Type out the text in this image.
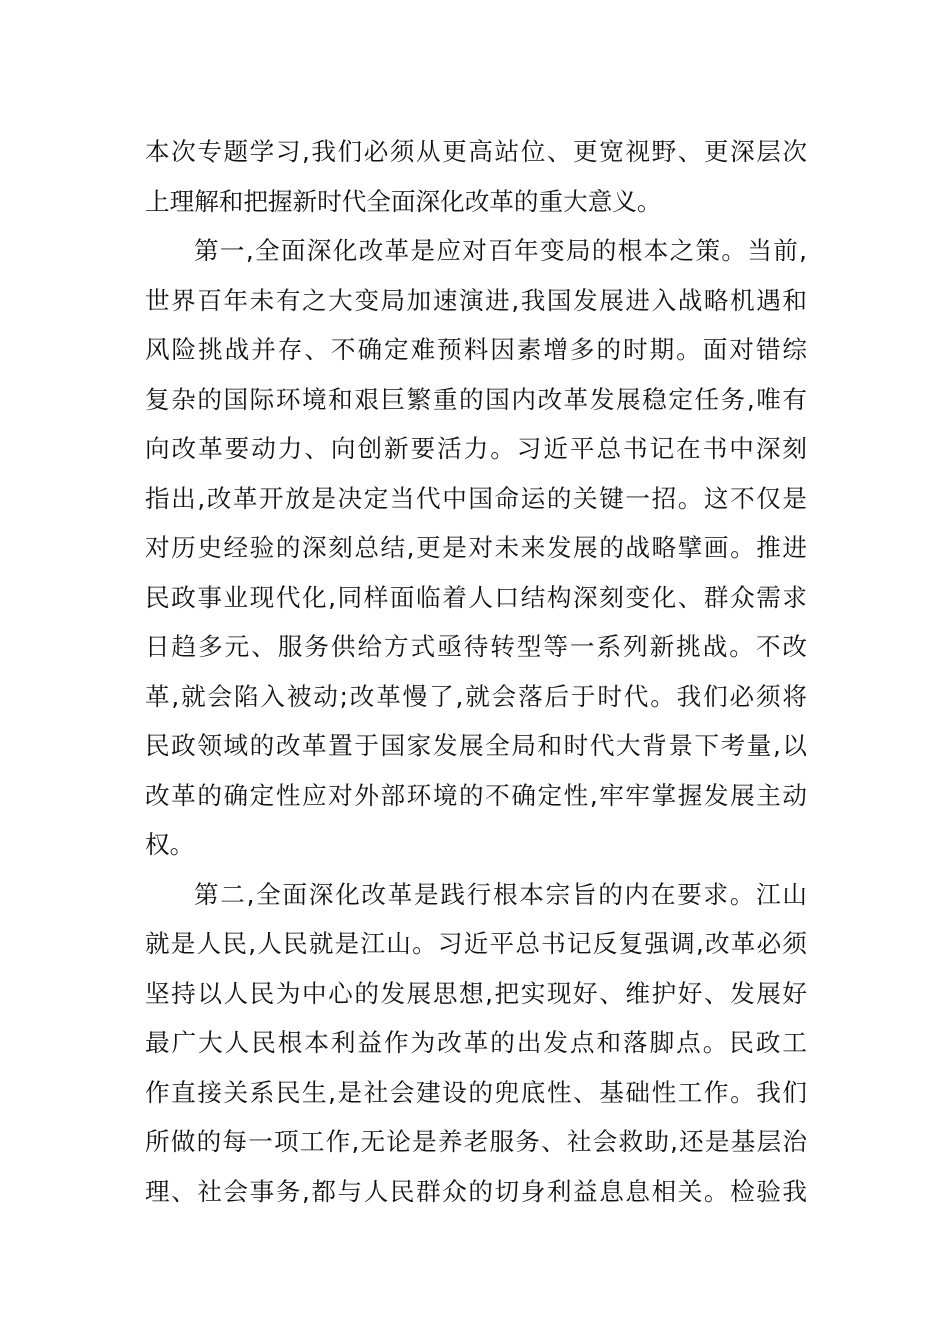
本次专题学习,我们必须从更高站位、更宽视野、更深层次
上理解和把握新时代全面深化改革的重大意义。
第一,全面深化改革是应对百年变局的根本之策。当前,
世界百年未有之大变局加速演进,我国发展进入战略机遇和
风险挑战并存、不确定难预料因素增多的时期。面对错综
复杂的国际环境和艰巨繁重的国内改革发展稳定任务,唯有
向改革要动力、向创新要活力。习近平总书记在书中深刻
指出,改革开放是决定当代中国命运的关键一招。这不仅是
对历史经验的深刻总结,更是对未来发展的战略擘画。推进
民政事业现代化,同样面临着人口结构深刻变化、群众需求
日趋多元、服务供给方式亟待转型等一系列新挑战。不改
革,就会陷入被动;改革慢了,就会落后于时代。我们必须将
民政领域的改革置于国家发展全局和时代大背景下考量,以
改革的确定性应对外部环境的不确定性,牢牢掌握发展主动
权。
第二,全面深化改革是践行根本宗旨的内在要求。江山
就是人民,人民就是江山。习近平总书记反复强调,改革必须
坚持以人民为中心的发展思想,把实现好、维护好、发展好
最广大人民根本利益作为改革的出发点和落脚点。民政工
作直接关系民生,是社会建设的兜底性、基础性工作。我们
所做的每一项工作,无论是养老服务、社会救助,还是基层治
理、社会事务,都与人民群众的切身利益息息相关。检验我
